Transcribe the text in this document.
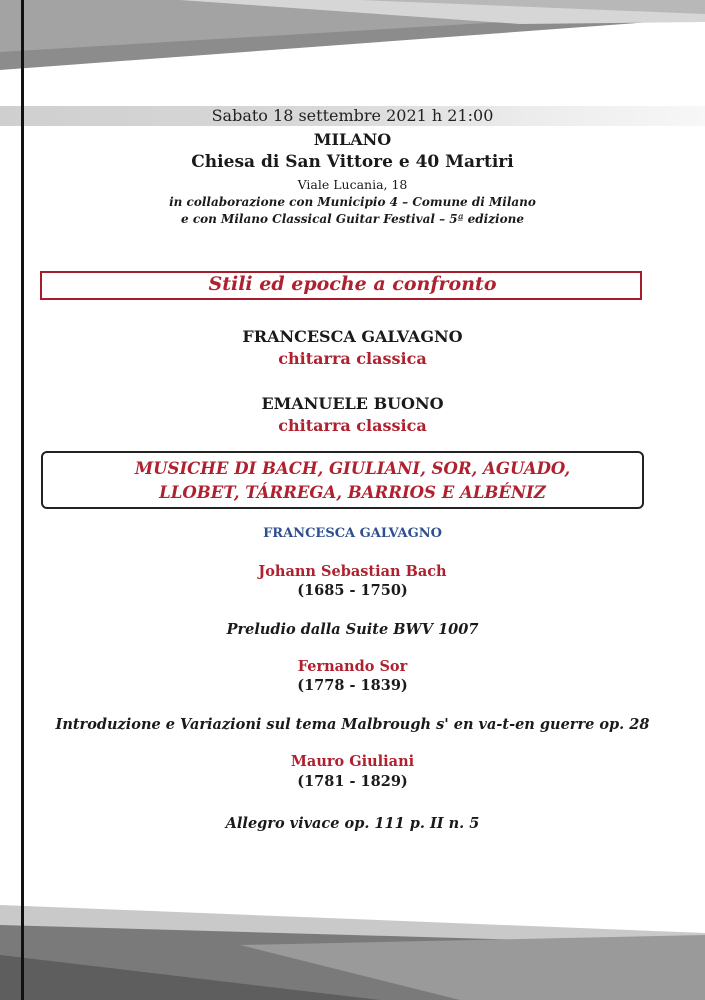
Sabato 18 settembre 2021 h 21:00
MILANO
Chiesa di San Vittore e 40 Martiri
Viale Lucania, 18
in collaborazione con Municipio 4 – Comune di Milano
e con Milano Classical Guitar Festival – 5ª edizione
Stili ed epoche a confronto
FRANCESCA GALVAGNO
chitarra classica
EMANUELE BUONO
chitarra classica
MUSICHE DI BACH, GIULIANI, SOR, AGUADO,
LLOBET, TÁRREGA, BARRIOS E ALBÉNIZ
FRANCESCA GALVAGNO
Johann Sebastian Bach
(1685 - 1750)
Preludio dalla Suite BWV 1007
Fernando Sor
(1778 - 1839)
Introduzione e Variazioni sul tema Malbrough s' en va-t-en guerre op. 28
Mauro Giuliani
(1781 - 1829)
Allegro vivace op. 111 p. II n. 5
